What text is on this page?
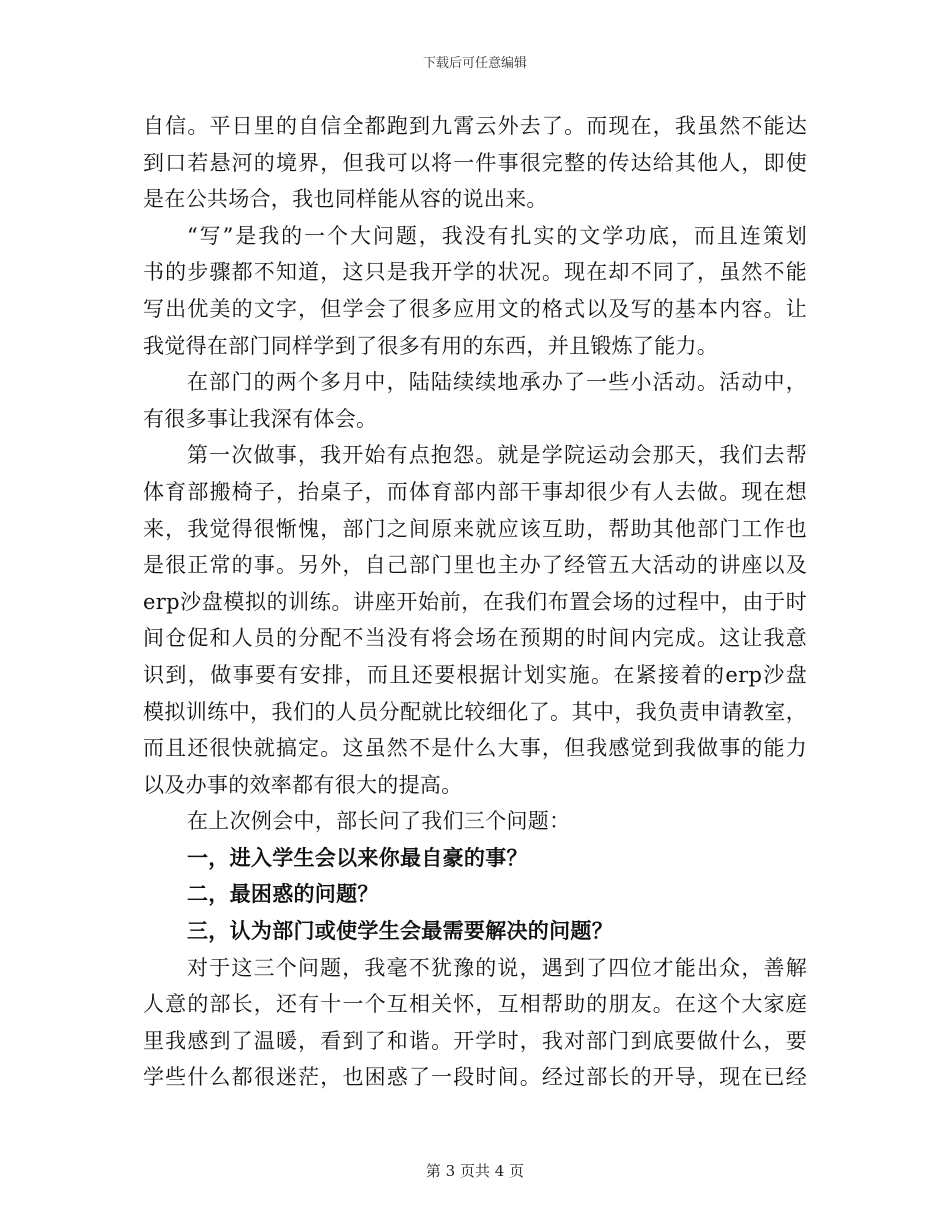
下载后可任意编辑
自信。平日里的自信全都跑到九霄云外去了。而现在，我虽然不能达
到口若悬河的境界，但我可以将一件事很完整的传达给其他人，即使
是在公共场合，我也同样能从容的说出来。
“写”是我的一个大问题，我没有扎实的文学功底，而且连策划
书的步骤都不知道，这只是我开学的状况。现在却不同了，虽然不能
写出优美的文字，但学会了很多应用文的格式以及写的基本内容。让
我觉得在部门同样学到了很多有用的东西，并且锻炼了能力。
在部门的两个多月中，陆陆续续地承办了一些小活动。活动中，
有很多事让我深有体会。
第一次做事，我开始有点抱怨。就是学院运动会那天，我们去帮
体育部搬椅子，抬桌子，而体育部内部干事却很少有人去做。现在想
来，我觉得很惭愧，部门之间原来就应该互助，帮助其他部门工作也
是很正常的事。另外，自己部门里也主办了经管五大活动的讲座以及
erp沙盘模拟的训练。讲座开始前，在我们布置会场的过程中，由于时
间仓促和人员的分配不当没有将会场在预期的时间内完成。这让我意
识到，做事要有安排，而且还要根据计划实施。在紧接着的erp沙盘
模拟训练中，我们的人员分配就比较细化了。其中，我负责申请教室，
而且还很快就搞定。这虽然不是什么大事，但我感觉到我做事的能力
以及办事的效率都有很大的提高。
在上次例会中，部长问了我们三个问题：
一，进入学生会以来你最自豪的事？
二，最困惑的问题？
三，认为部门或使学生会最需要解决的问题？
对于这三个问题，我毫不犹豫的说，遇到了四位才能出众，善解
人意的部长，还有十一个互相关怀，互相帮助的朋友。在这个大家庭
里我感到了温暖，看到了和谐。开学时，我对部门到底要做什么，要
学些什么都很迷茫，也困惑了一段时间。经过部长的开导，现在已经
第 3 页共 4 页
